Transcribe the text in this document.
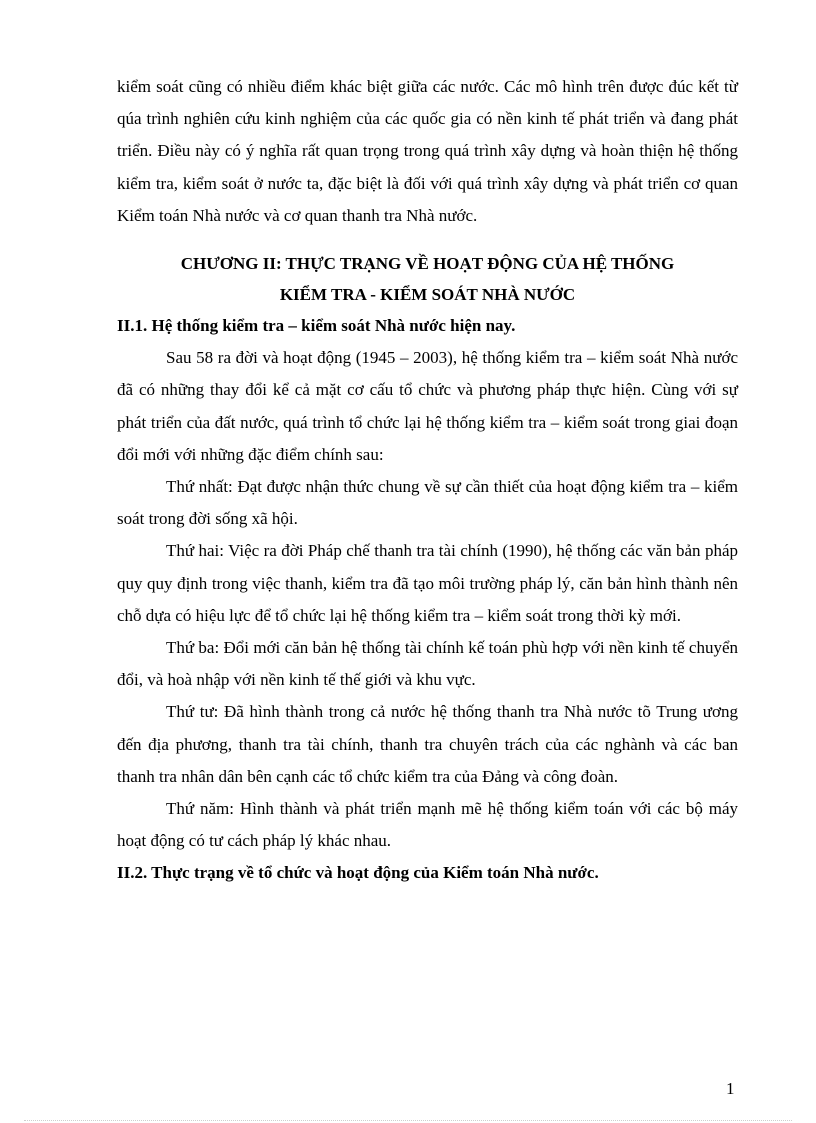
kiểm soát cũng có nhiều điểm khác biệt giữa các nước. Các mô hình trên được đúc kết từ qúa trình nghiên cứu kinh nghiệm của các quốc gia có nền kinh tế phát triển và đang phát triển. Điều này có ý nghĩa rất quan trọng trong quá trình xây dựng và hoàn thiện hệ thống kiểm tra, kiểm soát ở nước ta, đặc biệt là đối với quá trình xây dựng và phát triển cơ quan Kiểm toán Nhà nước và cơ quan thanh tra Nhà nước.

CHƯƠNG II: THỰC TRẠNG VỀ HOẠT ĐỘNG CỦA HỆ THỐNG
KIỂM TRA - KIỂM SOÁT NHÀ NƯỚC

II.1. Hệ thống kiểm tra – kiểm soát Nhà nước hiện nay.

Sau 58 ra đời và hoạt động (1945 – 2003), hệ thống kiểm tra – kiểm soát Nhà nước đã có những thay đổi kể cả mặt cơ cấu tổ chức và phương pháp thực hiện. Cùng với sự phát triển của đất nước, quá trình tổ chức lại hệ thống kiểm tra – kiểm soát trong giai đoạn đổi mới với những đặc điểm chính sau:

Thứ nhất: Đạt được nhận thức chung về sự cần thiết của hoạt động kiểm tra – kiểm soát trong đời sống xã hội.

Thứ hai: Việc ra đời Pháp chế thanh tra tài chính (1990), hệ thống các văn bản pháp quy quy định trong việc thanh, kiểm tra đã tạo môi trường pháp lý, căn bản hình thành nên chỗ dựa có hiệu lực để tổ chức lại hệ thống kiểm tra – kiểm soát trong thời kỳ mới.

Thứ ba: Đổi mới căn bản hệ thống tài chính kế toán phù hợp với nền kinh tế chuyển đổi, và hoà nhập với nền kinh tế thế giới và khu vực.

Thứ tư: Đã hình thành trong cả nước hệ thống thanh tra Nhà nước tõ Trung ương đến địa phương, thanh tra tài chính, thanh tra chuyên trách của các nghành và các ban thanh tra nhân dân bên cạnh các tổ chức kiểm tra của Đảng và công đoàn.

Thứ năm: Hình thành và phát triển mạnh mẽ hệ thống kiểm toán với các bộ máy hoạt động có tư cách pháp lý khác nhau.

II.2. Thực trạng về tổ chức và hoạt động của Kiểm toán Nhà nước.

1
